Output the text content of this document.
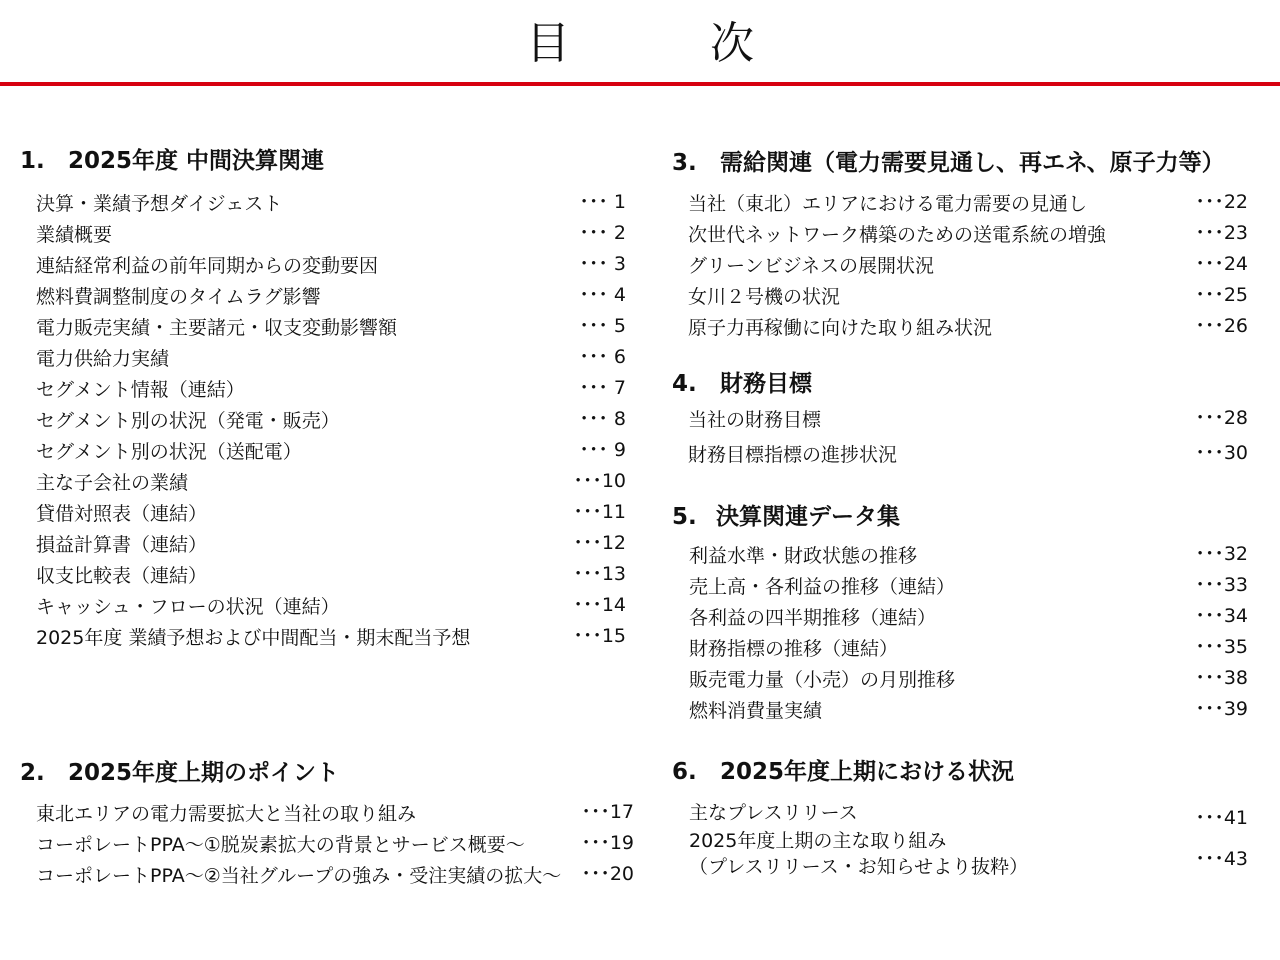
目　次
1. 2025年度 中間決算関連
決算・業績予想ダイジェスト	･･･ 1
業績概要	･･･ 2
連結経常利益の前年同期からの変動要因	･･･ 3
燃料費調整制度のタイムラグ影響	･･･ 4
電力販売実績・主要諸元・収支変動影響額	･･･ 5
電力供給力実績	･･･ 6
セグメント情報（連結）	･･･ 7
セグメント別の状況（発電・販売）	･･･ 8
セグメント別の状況（送配電）	･･･ 9
主な子会社の業績	･･･10
貸借対照表（連結）	･･･11
損益計算書（連結）	･･･12
収支比較表（連結）	･･･13
キャッシュ・フローの状況（連結）	･･･14
2025年度 業績予想および中間配当・期末配当予想	･･･15
2. 2025年度上期のポイント
東北エリアの電力需要拡大と当社の取り組み	･･･17
コーポレートPPA～①脱炭素拡大の背景とサービス概要～	･･･19
コーポレートPPA～②当社グループの強み・受注実績の拡大～ ･･･20
3. 需給関連（電力需要見通し、再エネ、原子力等）
当社（東北）エリアにおける電力需要の見通し	･･･22
次世代ネットワーク構築のための送電系統の増強	･･･23
グリーンビジネスの展開状況	･･･24
女川２号機の状況	･･･25
原子力再稼働に向けた取り組み状況	･･･26
4. 財務目標
当社の財務目標	･･･28
財務目標指標の進捗状況	･･･30
5. 決算関連データ集
利益水準・財政状態の推移	･･･32
売上高・各利益の推移（連結）	･･･33
各利益の四半期推移（連結）	･･･34
財務指標の推移（連結）	･･･35
販売電力量（小売）の月別推移	･･･38
燃料消費量実績	･･･39
6. 2025年度上期における状況
主なプレスリリース	･･･41
2025年度上期の主な取り組み
（プレスリリース・お知らせより抜粋）	･･･43
